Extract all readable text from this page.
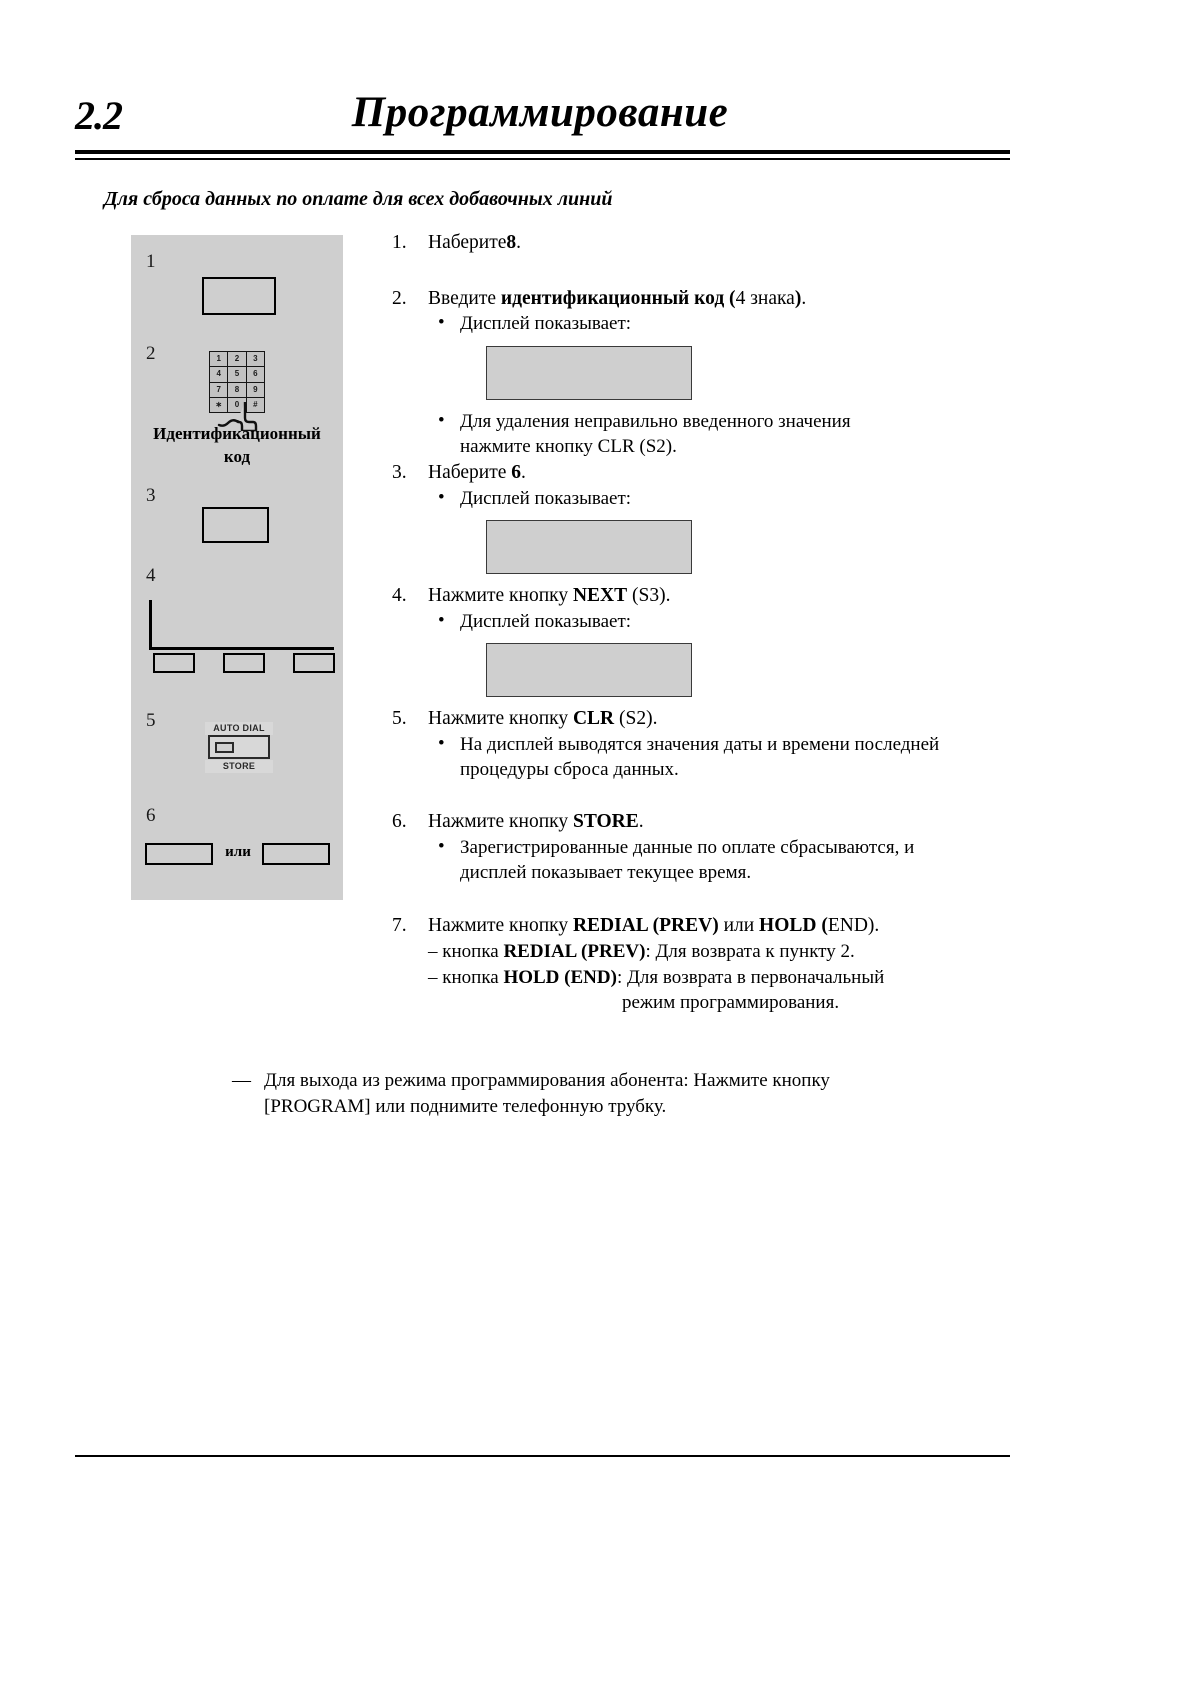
2.2	Программирование
Для сброса данных по оплате для всех добавочных линий
1
2	1	2	3
4	5	6
7	8	9
∗	0	#
Идентификационный
код
3
4
5	AUTO DIAL
STORE
6
или
1.	Наберите8.
2.	Введите идентификационный код (4 знака).
• Дисплей показывает:
• Для удаления неправильно введенного значения
нажмите кнопку CLR (S2).
3.	Наберите 6.
• Дисплей показывает:
4.	Нажмите кнопку NEXT (S3).
• Дисплей показывает:
5.	Нажмите кнопку CLR (S2).
• На дисплей выводятся значения даты и времени последней
процедуры сброса данных.
6.	Нажмите кнопку STORE.
• Зарегистрированные данные по оплате сбрасываются, и
дисплей показывает текущее время.
7.	Нажмите кнопку REDIAL (PREV) или HOLD (END).
– кнопка REDIAL (PREV): Для возврата к пункту 2.
– кнопка HOLD (END): Для возврата в первоначальный
режим программирования.
— Для выхода из режима программирования абонента: Нажмите кнопку
[PROGRAM] или поднимите телефонную трубку.
